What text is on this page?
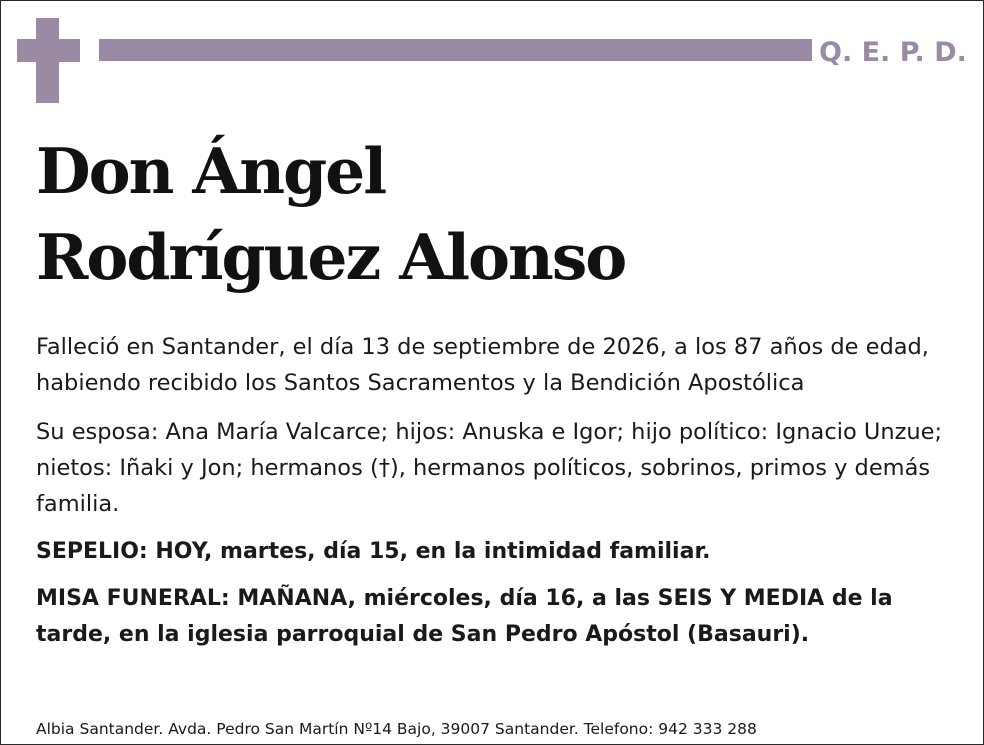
Q. E. P. D.
Don Ángel
Rodríguez Alonso

Falleció en Santander, el día 13 de septiembre de 2026, a los 87 años de edad, habiendo recibido los Santos Sacramentos y la Bendición Apostólica

Su esposa: Ana María Valcarce; hijos: Anuska e Igor; hijo político: Ignacio Unzue; nietos: Iñaki y Jon; hermanos (†), hermanos políticos, sobrinos, primos y demás familia.

SEPELIO: HOY, martes, día 15, en la intimidad familiar.

MISA FUNERAL: MAÑANA, miércoles, día 16, a las SEIS Y MEDIA de la tarde, en la iglesia parroquial de San Pedro Apóstol (Basauri).

Albia Santander. Avda. Pedro San Martín Nº14 Bajo, 39007 Santander. Telefono: 942 333 288
